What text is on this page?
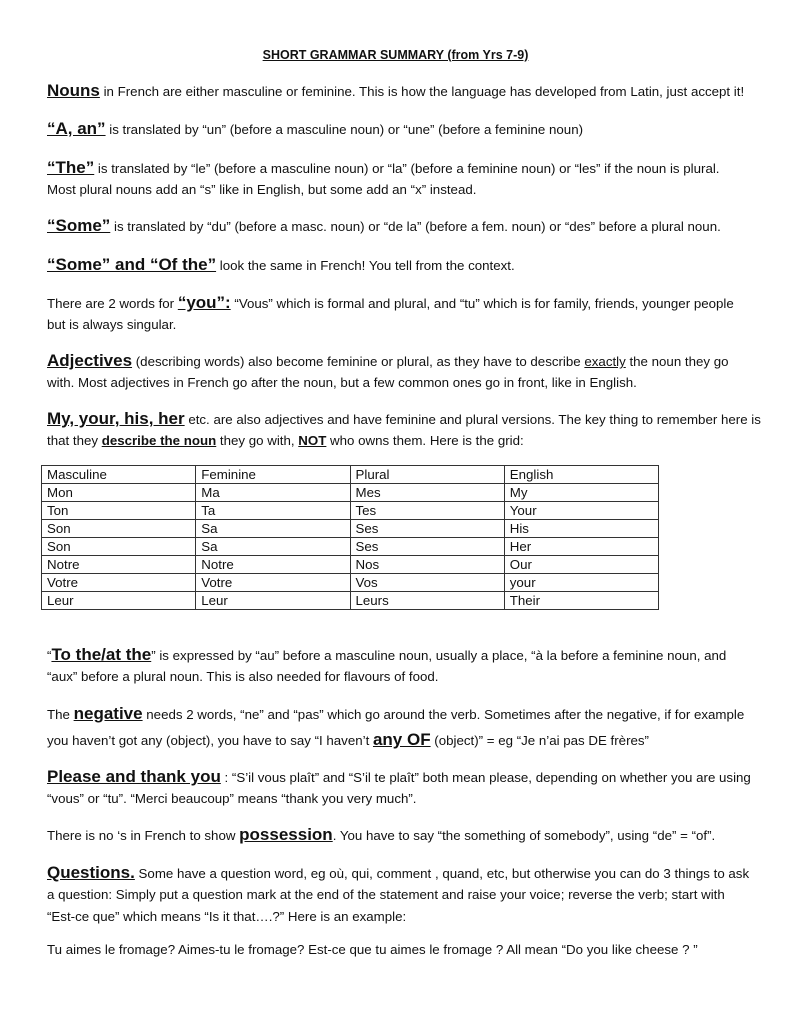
SHORT GRAMMAR SUMMARY (from Yrs 7-9)
Nouns in French are either masculine or feminine. This is how the language has developed from Latin, just accept it!
“A, an” is translated by “un” (before a masculine noun) or “une” (before a feminine noun)
“The” is translated by “le” (before a masculine noun) or “la” (before a feminine noun) or “les” if the noun is plural.
Most plural nouns add an “s” like in English, but some add an “x” instead.
“Some” is translated by “du” (before a masc. noun) or “de la” (before a fem. noun) or “des” before a plural noun.
“Some” and “Of the” look the same in French! You tell from the context.
There are 2 words for “you”: “Vous” which is formal and plural, and “tu” which is for family, friends, younger people
but is always singular.
Adjectives (describing words) also become feminine or plural, as they have to describe exactly the noun they go
with. Most adjectives in French go after the noun, but a few common ones go in front, like in English.
My, your, his, her etc. are also adjectives and have feminine and plural versions. The key thing to remember here is
that they describe the noun they go with, NOT who owns them. Here is the grid:
Masculine	Feminine	Plural	English
Mon	Ma	Mes	My
Ton	Ta	Tes	Your
Son	Sa	Ses	His
Son	Sa	Ses	Her
Notre	Notre	Nos	Our
Votre	Votre	Vos	your
Leur	Leur	Leurs	Their
“To the/at the” is expressed by “au” before a masculine noun, usually a place, “à la before a feminine noun, and
“aux” before a plural noun. This is also needed for flavours of food.
The negative needs 2 words, “ne” and “pas” which go around the verb. Sometimes after the negative, if for example
you haven’t got any (object), you have to say “I haven’t any OF (object)” = eg “Je n’ai pas DE frères”
Please and thank you : “S’il vous plaît” and “S’il te plaît” both mean please, depending on whether you are using
“vous” or “tu”. “Merci beaucoup” means “thank you very much”.
There is no ‘s in French to show possession. You have to say “the something of somebody”, using “de” = “of”.
Questions. Some have a question word, eg où, qui, comment , quand, etc, but otherwise you can do 3 things to ask
a question: Simply put a question mark at the end of the statement and raise your voice; reverse the verb; start with
“Est-ce que” which means “Is it that….?” Here is an example:
Tu aimes le fromage? Aimes-tu le fromage? Est-ce que tu aimes le fromage ? All mean “Do you like cheese ? ”
